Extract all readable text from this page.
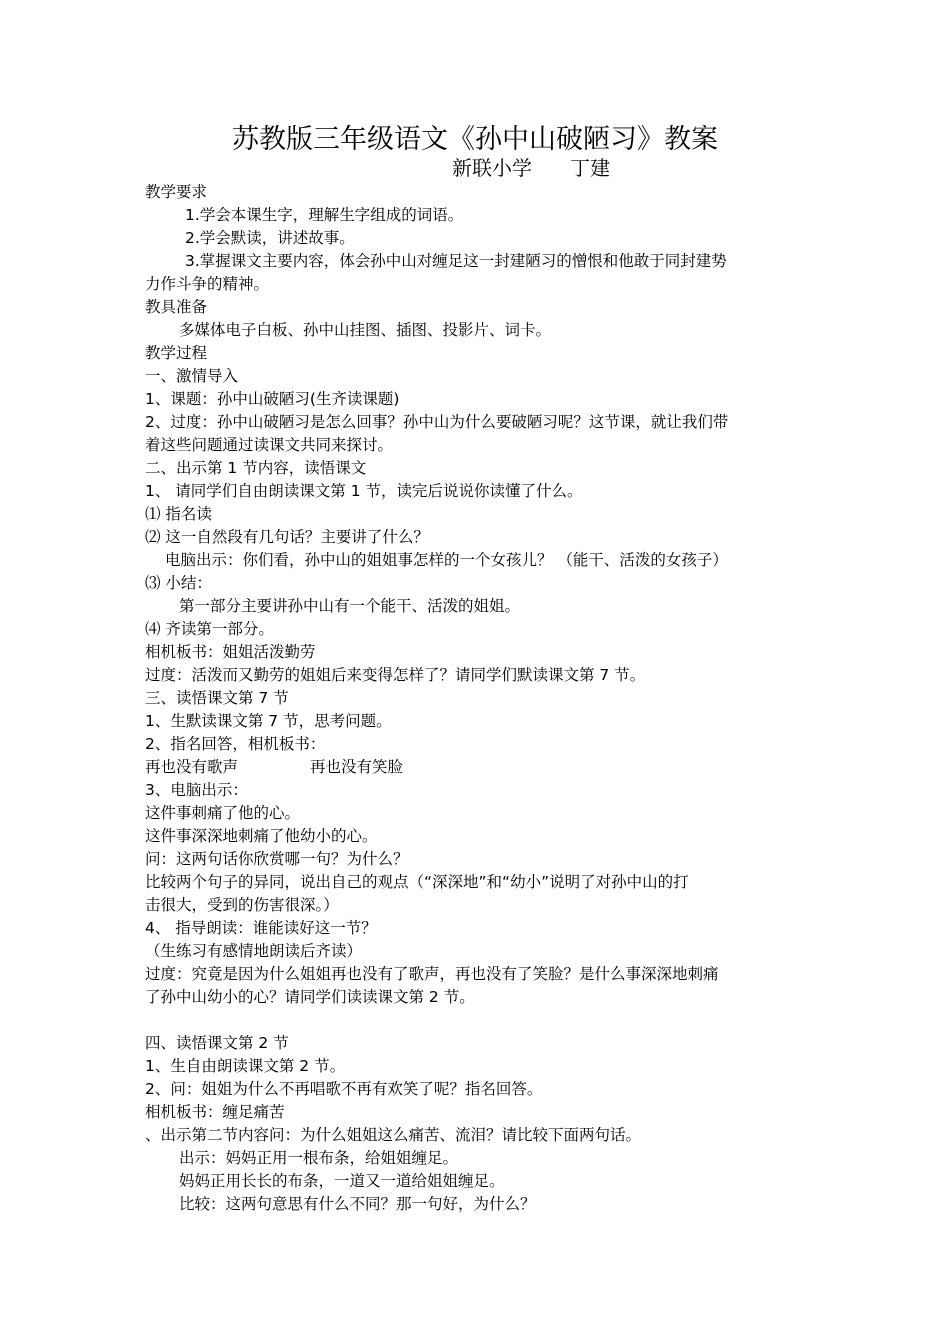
苏教版三年级语文《孙中山破陋习》教案
新联小学      丁建
教学要求
1.学会本课生字，理解生字组成的词语。
2.学会默读，讲述故事。
3.掌握课文主要内容，体会孙中山对缠足这一封建陋习的憎恨和他敢于同封建势
力作斗争的精神。
教具准备
多媒体电子白板、孙中山挂图、插图、投影片、词卡。
教学过程
一、激情导入
1、课题：孙中山破陋习(生齐读课题)
2、过度：孙中山破陋习是怎么回事？孙中山为什么要破陋习呢？这节课，就让我们带
着这些问题通过读课文共同来探讨。
二、出示第 1 节内容，读悟课文
1、 请同学们自由朗读课文第 1 节，读完后说说你读懂了什么。
⑴ 指名读
⑵ 这一自然段有几句话？主要讲了什么？
电脑出示：你们看，孙中山的姐姐事怎样的一个女孩儿？ （能干、活泼的女孩子）
⑶ 小结：
第一部分主要讲孙中山有一个能干、活泼的姐姐。
⑷ 齐读第一部分。
相机板书：姐姐活泼勤劳
过度：活泼而又勤劳的姐姐后来变得怎样了？请同学们默读课文第 7 节。
三、读悟课文第 7 节
1、生默读课文第 7 节，思考问题。
2、指名回答，相机板书：
再也没有歌声	再也没有笑脸
3、电脑出示：
这件事刺痛了他的心。
这件事深深地刺痛了他幼小的心。
问：这两句话你欣赏哪一句？为什么？
比较两个句子的异同，说出自己的观点（“深深地”和“幼小”说明了对孙中山的打
击很大，受到的伤害很深。）
4、 指导朗读：谁能读好这一节？
（生练习有感情地朗读后齐读）
过度：究竟是因为什么姐姐再也没有了歌声，再也没有了笑脸？是什么事深深地刺痛
了孙中山幼小的心？请同学们读读课文第 2 节。
四、读悟课文第 2 节
1、生自由朗读课文第 2 节。
2、问：姐姐为什么不再唱歌不再有欢笑了呢？指名回答。
相机板书：缠足痛苦
、出示第二节内容问：为什么姐姐这么痛苦、流泪？请比较下面两句话。
出示：妈妈正用一根布条，给姐姐缠足。
妈妈正用长长的布条，一道又一道给姐姐缠足。
比较：这两句意思有什么不同？那一句好，为什么？
